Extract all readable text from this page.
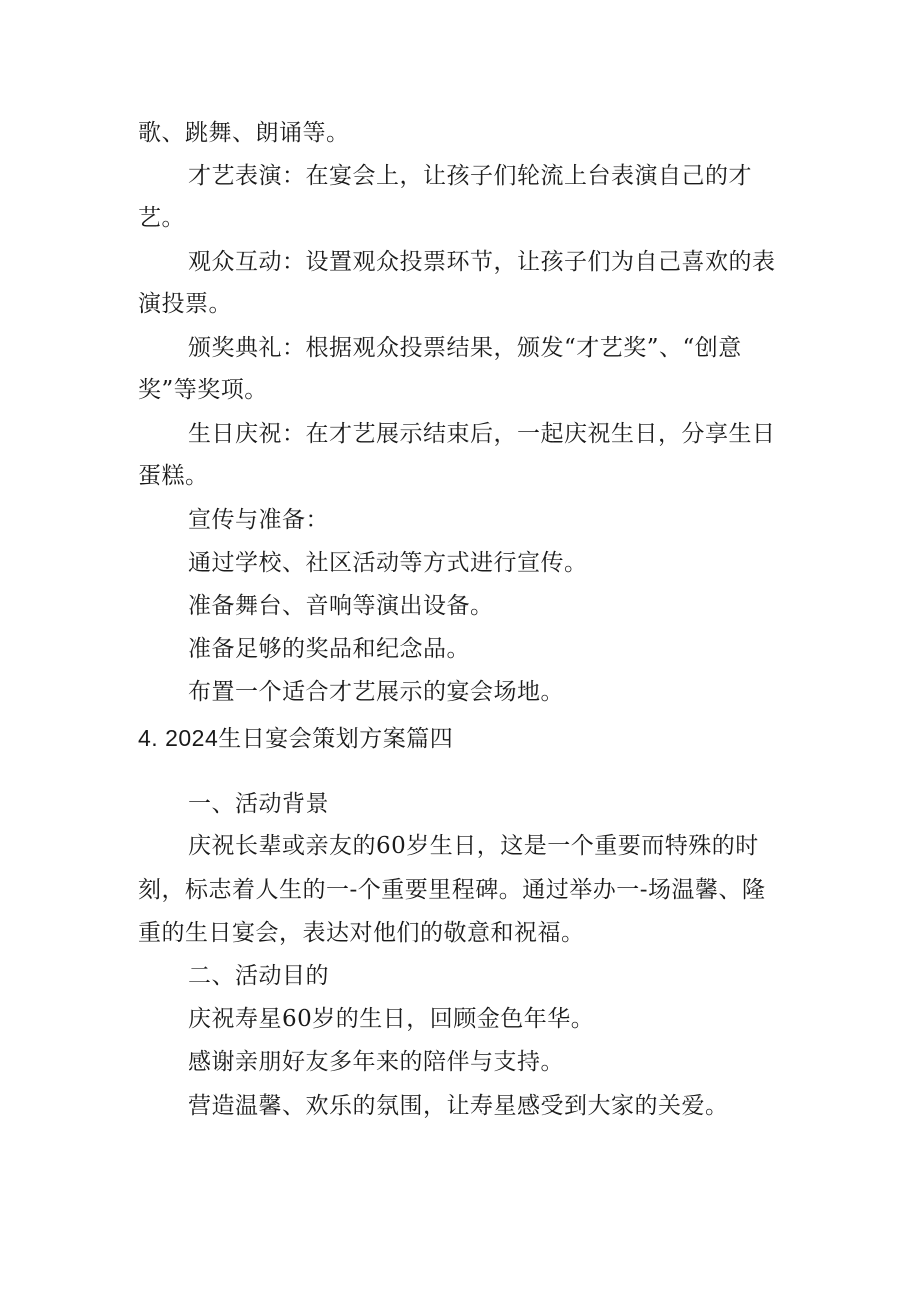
歌、跳舞、朗诵等。
才艺表演：在宴会上，让孩子们轮流上台表演自己的才
艺。
观众互动：设置观众投票环节，让孩子们为自己喜欢的表
演投票。
颁奖典礼：根据观众投票结果，颁发“才艺奖”、“创意
奖”等奖项。
生日庆祝：在才艺展示结束后，一起庆祝生日，分享生日
蛋糕。
宣传与准备：
通过学校、社区活动等方式进行宣传。
准备舞台、音响等演出设备。
准备足够的奖品和纪念品。
布置一个适合才艺展示的宴会场地。
4. 2024生日宴会策划方案篇四
一、活动背景
庆祝长辈或亲友的60岁生日，这是一个重要而特殊的时
刻，标志着人生的一-个重要里程碑。通过举办一-场温馨、隆
重的生日宴会，表达对他们的敬意和祝福。
二、活动目的
庆祝寿星60岁的生日，回顾金色年华。
感谢亲朋好友多年来的陪伴与支持。
营造温馨、欢乐的氛围，让寿星感受到大家的关爱。
